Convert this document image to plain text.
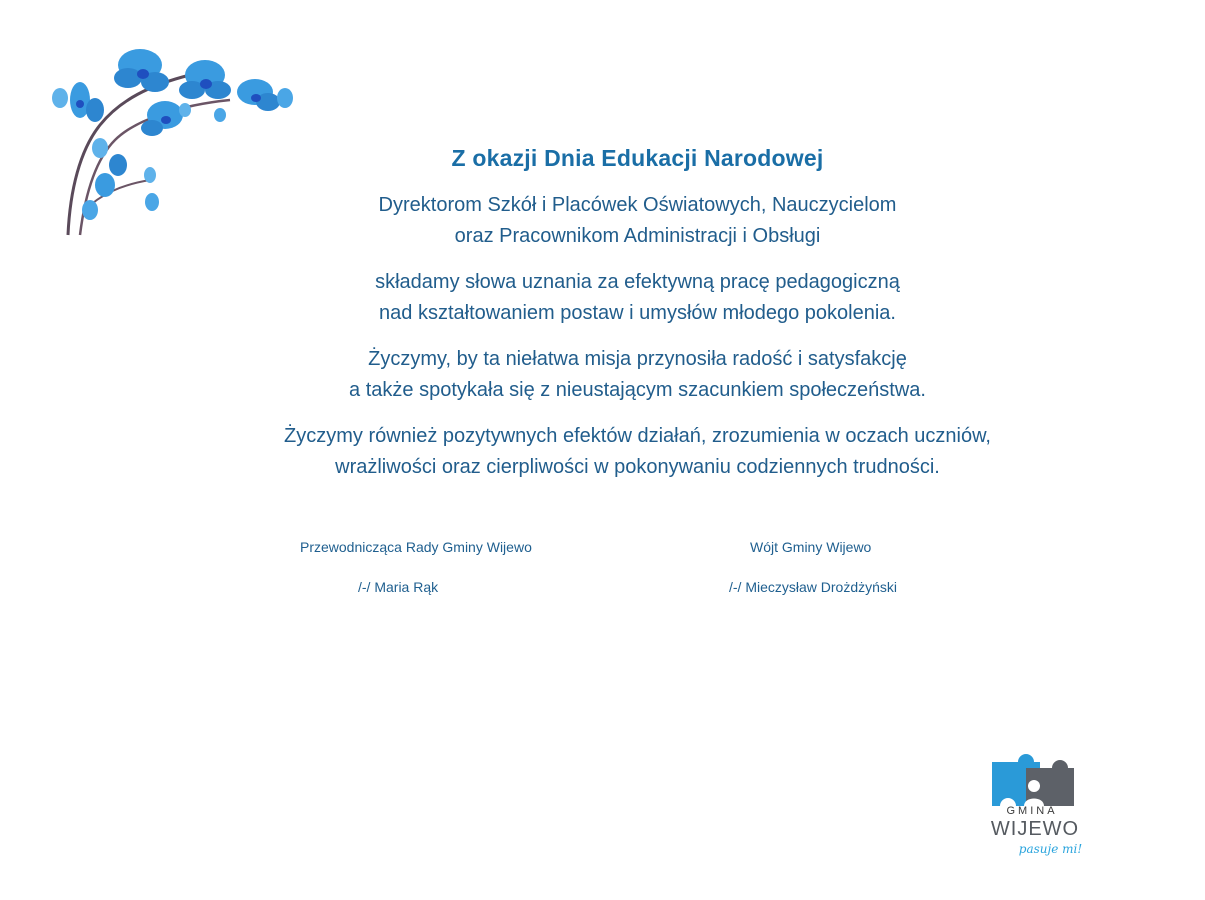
Z okazji Dnia Edukacji Narodowej
Dyrektorom Szkół i Placówek Oświatowych, Nauczycielom
oraz Pracownikom Administracji i Obsługi
składamy słowa uznania za efektywną pracę pedagogiczną
nad kształtowaniem postaw i umysłów młodego pokolenia.
Życzymy, by ta niełatwa misja przynosiła radość i satysfakcję
a także spotykała się z nieustającym szacunkiem społeczeństwa.
Życzymy również pozytywnych efektów działań, zrozumienia w oczach uczniów,
wrażliwości oraz cierpliwości w pokonywaniu codziennych trudności.
Przewodnicząca Rady Gminy Wijewo
/-/ Maria Rąk
Wójt Gminy Wijewo
/-/ Mieczysław Drożdżyński
GMINA
WIJEWO
pasuje mi!
